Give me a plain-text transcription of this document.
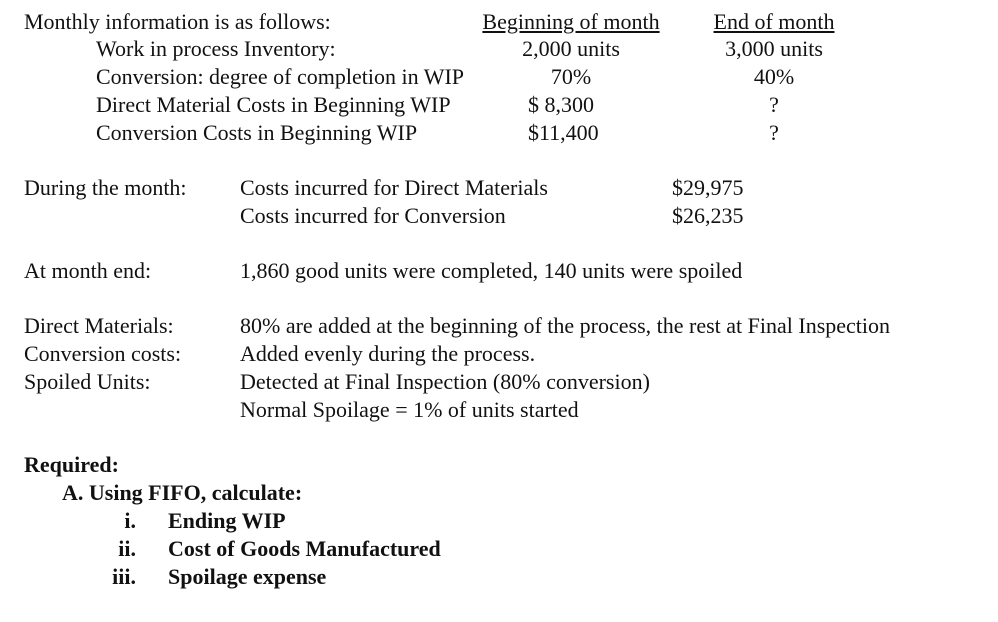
Monthly information is as follows:	Beginning of month	End of month
Work in process Inventory:	2,000 units	3,000 units
Conversion: degree of completion in WIP	70%	40%
Direct Material Costs in Beginning WIP	$ 8,300	?
Conversion Costs in Beginning WIP	$11,400	?
During the month: Costs incurred for Direct Materials	$29,975
Costs incurred for Conversion	$26,235
At month end:	1,860 good units were completed, 140 units were spoiled
Direct Materials:	80% are added at the beginning of the process, the rest at Final Inspection
Conversion costs:	Added evenly during the process.
Spoiled Units:	Detected at Final Inspection (80% conversion)
Normal Spoilage = 1% of units started
Required:
A. Using FIFO, calculate:
i. Ending WIP
ii. Cost of Goods Manufactured
iii. Spoilage expense
